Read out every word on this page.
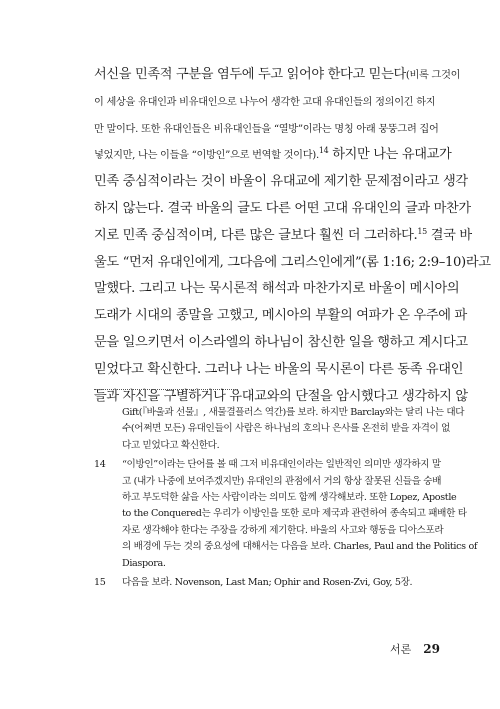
서신을 민족적 구분을 염두에 두고 읽어야 한다고 믿는다(비록 그것이
이 세상을 유대인과 비유대인으로 나누어 생각한 고대 유대인들의 정의이긴 하지
만 말이다. 또한 유대인들은 비유대인들을 “열방”이라는 명칭 아래 뭉뚱그려 집어
넣었지만, 나는 이들을 “이방인”으로 번역할 것이다).$^{14}$ 하지만 나는 유대교가
민족 중심적이라는 것이 바울이 유대교에 제기한 문제점이라고 생각
하지 않는다. 결국 바울의 글도 다른 어떤 고대 유대인의 글과 마찬가
지로 민족 중심적이며, 다른 많은 글보다 훨씬 더 그러하다.$^{15}$ 결국 바
울도 “먼저 유대인에게, 그다음에 그리스인에게”(롬 1:16; 2:9–10)라고
말했다. 그리고 나는 묵시론적 해석과 마찬가지로 바울이 메시아의
도래가 시대의 종말을 고했고, 메시아의 부활의 여파가 온 우주에 파
문을 일으키면서 이스라엘의 하나님이 참신한 일을 행하고 계시다고
믿었다고 확신한다. 그러나 나는 바울의 묵시론이 다른 동족 유대인
들과 자신을 구별하거나 유대교와의 단절을 암시했다고 생각하지 않
Gift(『바울과 선물』, 새물결플러스 역간)를 보라. 하지만 Barclay와는 달리 나는 대다
수(어쩌면 모든) 유대인들이 사람은 하나님의 호의나 은사를 온전히 받을 자격이 없
다고 믿었다고 확신한다.
14 “이방인”이라는 단어를 볼 때 그저 비유대인이라는 일반적인 의미만 생각하지 말
고 (내가 나중에 보여주겠지만) 유대인의 관점에서 거의 항상 잘못된 신들을 숭배
하고 부도덕한 삶을 사는 사람이라는 의미도 함께 생각해보라. 또한 Lopez, Apostle
to the Conquered는 우리가 이방인을 또한 로마 제국과 관련하여 종속되고 패배한 타
자로 생각해야 한다는 주장을 강하게 제기한다. 바울의 사고와 행동을 디아스포라
의 배경에 두는 것의 중요성에 대해서는 다음을 보라. Charles, Paul and the Politics of
Diaspora.
15 다음을 보라. Novenson, Last Man; Ophir and Rosen-Zvi, Goy, 5장.
서론 29
